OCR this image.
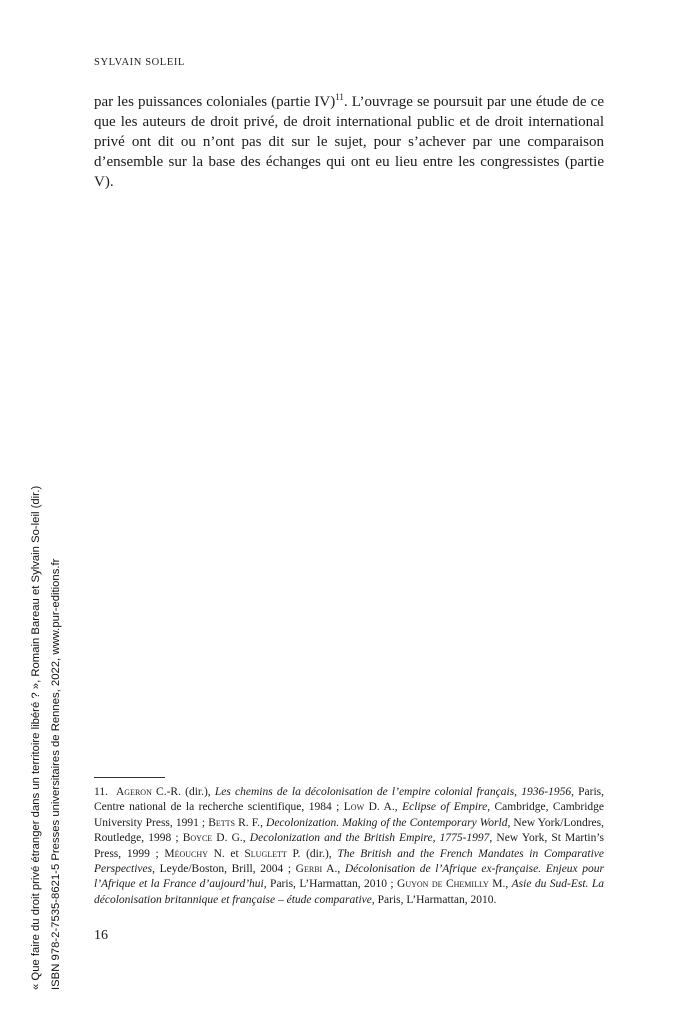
SYLVAIN SOLEIL

par les puissances coloniales (partie IV)$^{11}$. L’ouvrage se poursuit par une étude de ce que les auteurs de droit privé, de droit international public et de droit international privé ont dit ou n’ont pas dit sur le sujet, pour s’achever par une comparaison d’ensemble sur la base des échanges qui ont eu lieu entre les congressistes (partie V).

11. Ageron C.-R. (dir.), Les chemins de la décolonisation de l’empire colonial français, 1936-1956, Paris, Centre national de la recherche scientifique, 1984 ; Low D. A., Eclipse of Empire, Cambridge, Cambridge University Press, 1991 ; Betts R. F., Decolonization. Making of the Contemporary World, New York/Londres, Routledge, 1998 ; Boyce D. G., Decolonization and the British Empire, 1775-1997, New York, St Martin’s Press, 1999 ; Méouchy N. et Sluglett P. (dir.), The British and the French Mandates in Comparative Perspectives, Leyde/Boston, Brill, 2004 ; Gerbi A., Décolonisation de l’Afrique ex-française. Enjeux pour l’Afrique et la France d’aujourd’hui, Paris, L’Harmattan, 2010 ; Guyon de Chemilly M., Asie du Sud-Est. La décolonisation britannique et française – étude comparative, Paris, L’Harmattan, 2010.

16
« Que faire du droit privé étranger dans un territoire libéré ? », Romain Bareau et Sylvain So-leil (dir.) ISBN 978-2-7535-8621-5 Presses universitaires de Rennes, 2022, www.pur-editions.fr
